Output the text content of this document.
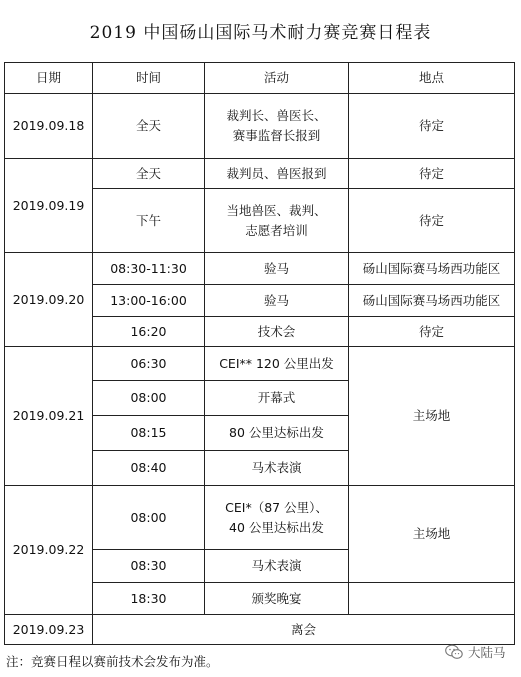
2019 中国砀山国际马术耐力赛竞赛日程表
日期	时间	活动	地点
2019.09.18	全天	裁判长、兽医长、
赛事监督长报到	待定
2019.09.19	全天	裁判员、兽医报到	待定
	下午	当地兽医、裁判、
志愿者培训	待定
2019.09.20	08:30-11:30	验马	砀山国际赛马场西功能区
	13:00-16:00	验马	砀山国际赛马场西功能区
	16:20	技术会	待定
2019.09.21	06:30	CEI** 120 公里出发	主场地
	08:00	开幕式	
	08:15	80 公里达标出发	
	08:40	马术表演	
2019.09.22	08:00	CEI*（87 公里）、
40 公里达标出发	主场地
	08:30	马术表演	
	18:30	颁奖晚宴	
2019.09.23	离会		
注：竞赛日程以赛前技术会发布为准。
大陆马
